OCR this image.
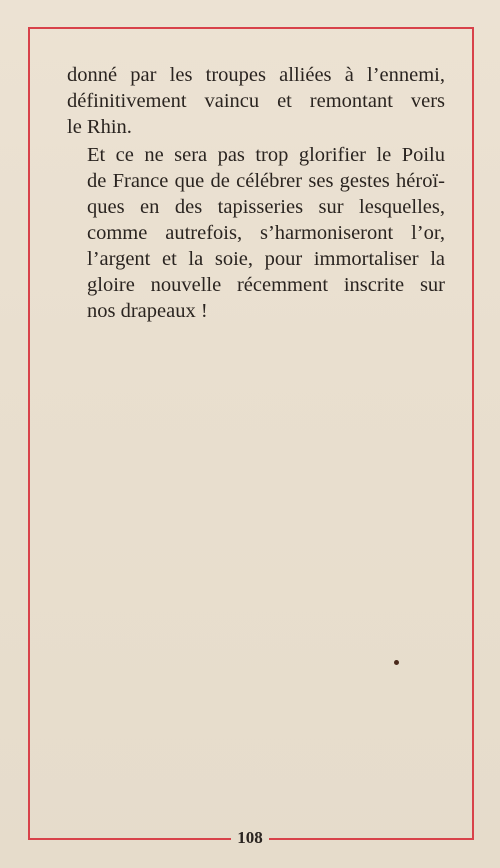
donné par les troupes alliées à l’ennemi,
définitivement vaincu et remontant vers
le Rhin.

Et ce ne sera pas trop glorifier le Poilu
de France que de célébrer ses gestes héroï-
ques en des tapisseries sur lesquelles,
comme autrefois, s’harmoniseront l’or,
l’argent et la soie, pour immortaliser la
gloire nouvelle récemment inscrite sur
nos drapeaux !

108
